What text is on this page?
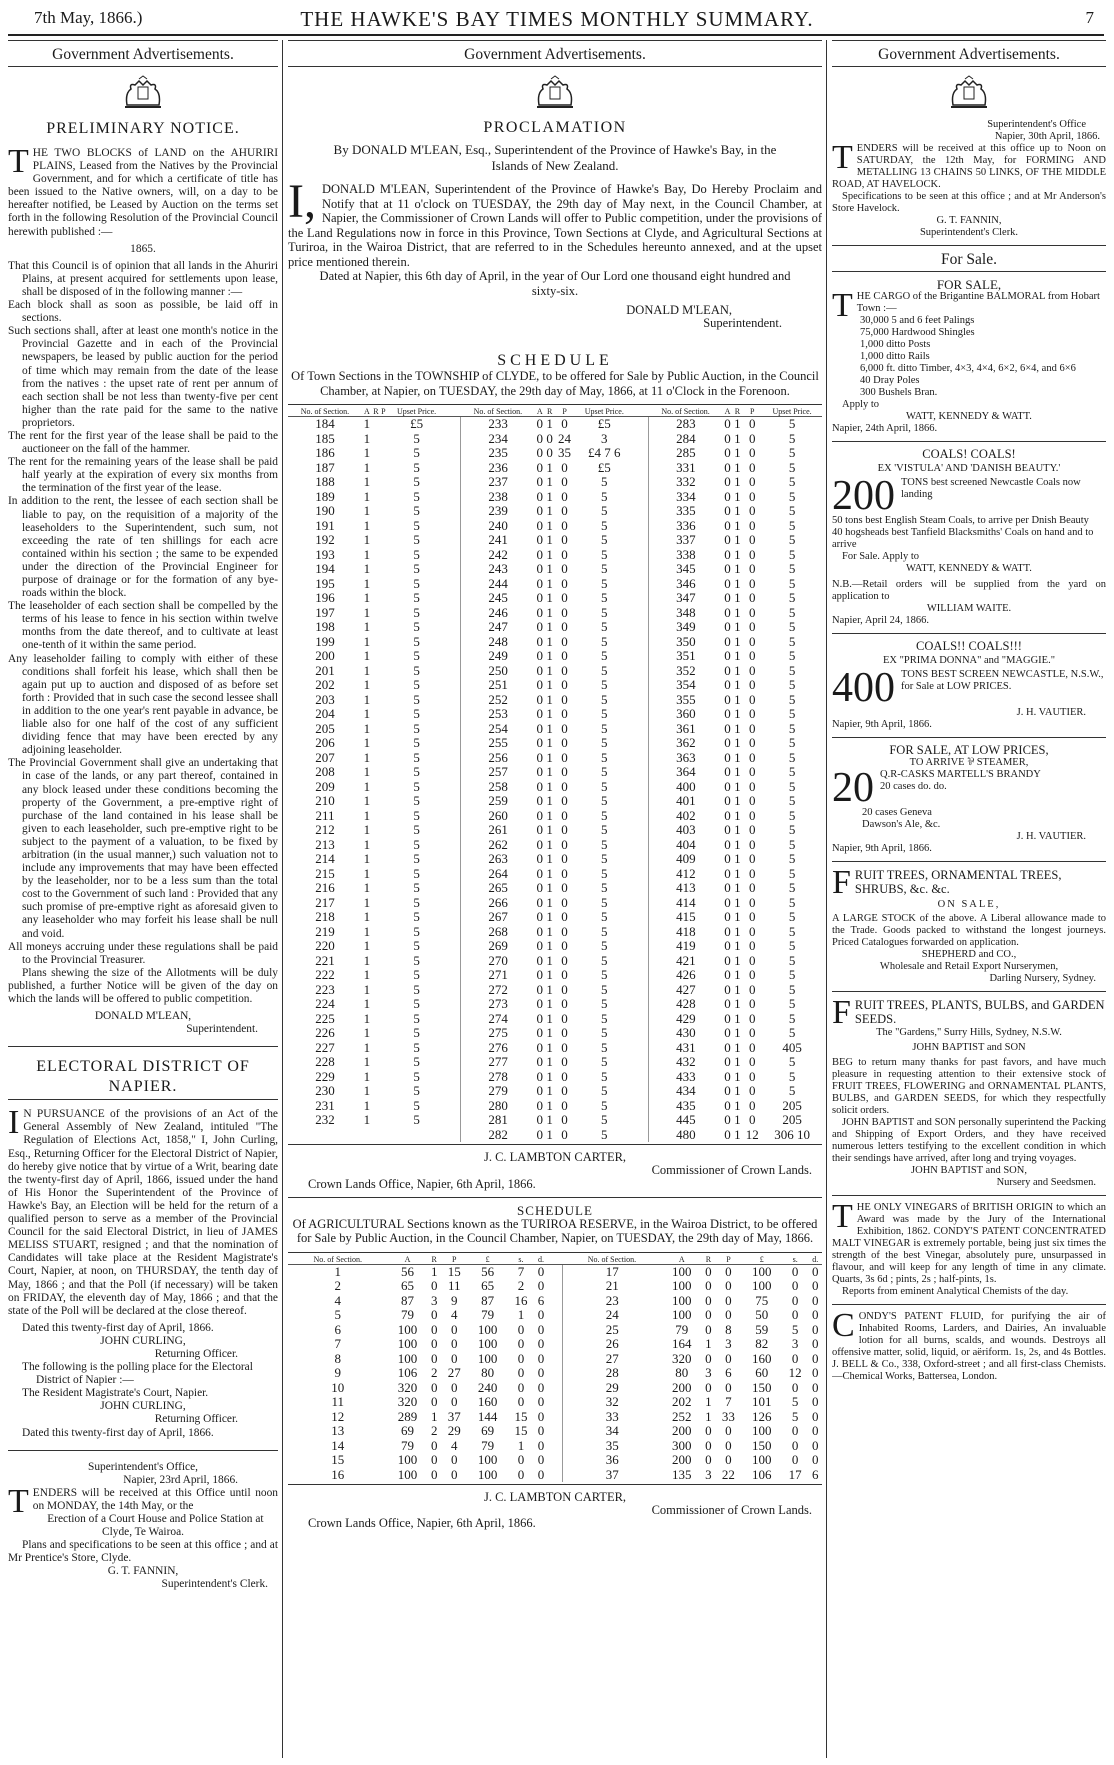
7th May, 1866.)	THE HAWKE'S BAY TIMES MONTHLY SUMMARY.	7
Government Advertisements.

PRELIMINARY NOTICE.

THE TWO BLOCKS of LAND on the AHURIRI PLAINS, Leased from the Natives by the Provincial Government, and for which a certificate of title has been issued to the Native owners, will, on a day to be hereafter notified, be Leased by Auction on the terms set forth in the following Resolution of the Provincial Council herewith published :—

1865.

That this Council is of opinion that all lands in the Ahuriri Plains, at present acquired for settlements upon lease, shall be disposed of in the following manner :—

Each block shall as soon as possible, be laid off in sections.

Such sections shall, after at least one month's notice in the Provincial Gazette and in each of the Provincial newspapers, be leased by public auction for the period of time which may remain from the date of the lease from the natives : the upset rate of rent per annum of each section shall be not less than twenty-five per cent higher than the rate paid for the same to the native proprietors.

The rent for the first year of the lease shall be paid to the auctioneer on the fall of the hammer.

The rent for the remaining years of the lease shall be paid half yearly at the expiration of every six months from the termination of the first year of the lease.

In addition to the rent, the lessee of each section shall be liable to pay, on the requisition of a majority of the leaseholders to the Superintendent, such sum, not exceeding the rate of ten shillings for each acre contained within his section ; the same to be expended under the direction of the Provincial Engineer for purpose of drainage or for the formation of any bye-roads within the block.

The leaseholder of each section shall be compelled by the terms of his lease to fence in his section within twelve months from the date thereof, and to cultivate at least one-tenth of it within the same period.

Any leaseholder failing to comply with either of these conditions shall forfeit his lease, which shall then be again put up to auction and disposed of as before set forth : Provided that in such case the second lessee shall in addition to the one year's rent payable in advance, be liable also for one half of the cost of any sufficient dividing fence that may have been erected by any adjoining leaseholder.

The Provincial Government shall give an undertaking that in case of the lands, or any part thereof, contained in any block leased under these conditions becoming the property of the Government, a pre-emptive right of purchase of the land contained in his lease shall be given to each leaseholder, such pre-emptive right to be subject to the payment of a valuation, to be fixed by arbitration (in the usual manner,) such valuation not to include any improvements that may have been effected by the leaseholder, nor to be a less sum than the total cost to the Government of such land : Provided that any such promise of pre-emptive right as aforesaid given to any leaseholder who may forfeit his lease shall be null and void.

All moneys accruing under these regulations shall be paid to the Provincial Treasurer.

Plans shewing the size of the Allotments will be duly published, a further Notice will be given of the day on which the lands will be offered to public competition.

DONALD M'LEAN,

Superintendent.

ELECTORAL DISTRICT OF NAPIER.

I N PURSUANCE of the provisions of an Act of the General Assembly of New Zealand, intituled "The Regulation of Elections Act, 1858," I, John Curling, Esq., Returning Officer for the Electoral District of Napier, do hereby give notice that by virtue of a Writ, bearing date the twenty-first day of April, 1866, issued under the hand of His Honor the Superintendent of the Province of Hawke's Bay, an Election will be held for the return of a qualified person to serve as a member of the Provincial Council for the said Electoral District, in lieu of JAMES MELISS STUART, resigned ; and that the nomination of Candidates will take place at the Resident Magistrate's Court, Napier, at noon, on THURSDAY, the tenth day of May, 1866 ; and that the Poll (if necessary) will be taken on FRIDAY, the eleventh day of May, 1866 ; and that the state of the Poll will be declared at the close thereof.

Dated this twenty-first day of April, 1866.

JOHN CURLING,

Returning Officer.

The following is the polling place for the Electoral District of Napier :—

The Resident Magistrate's Court, Napier.

JOHN CURLING,

Returning Officer.

Dated this twenty-first day of April, 1866.

Superintendent's Office,

Napier, 23rd April, 1866.

TENDERS will be received at this Office until noon on MONDAY, the 14th May, or the

Erection of a Court House and Police Station at Clyde, Te Wairoa.

Plans and specifications to be seen at this office ; and at Mr Prentice's Store, Clyde.

G. T. FANNIN,

Superintendent's Clerk.

Government Advertisements.

PROCLAMATION

By DONALD M'LEAN, Esq., Superintendent of the Province of Hawke's Bay, in the Islands of New Zealand.

I, DONALD M'LEAN, Superintendent of the Province of Hawke's Bay, Do Hereby Proclaim and Notify that at 11 o'clock on TUESDAY, the 29th day of May next, in the Council Chamber, at Napier, the Commissioner of Crown Lands will offer to Public competition, under the provisions of the Land Regulations now in force in this Province, Town Sections at Clyde, and Agricultural Sections at Turiroa, in the Wairoa District, that are referred to in the Schedules hereunto annexed, and at the upset price mentioned therein.

Dated at Napier, this 6th day of April, in the year of Our Lord one thousand eight hundred and sixty-six.

DONALD M'LEAN,

Superintendent.

SCHEDULE

Of Town Sections in the TOWNSHIP of CLYDE, to be offered for Sale by Public Auction, in the Council Chamber, at Napier, on TUESDAY, the 29th day of May, 1866, at 11 o'Clock in the Forenoon.

No. of Section.	A	R	P	Upset Price.		No. of Section.	A	R	P	Upset Price.		No. of Section.	A	R	P	Upset Price.
184	1			£5		233	0	1	0	£5		283	0	1	0	5
185	1			5		234	0	0	24	3		284	0	1	0	5
186	1			5		235	0	0	35	£4 7 6		285	0	1	0	5
187	1			5		236	0	1	0	£5		331	0	1	0	5
188	1			5		237	0	1	0	5		332	0	1	0	5
189	1			5		238	0	1	0	5		334	0	1	0	5
190	1			5		239	0	1	0	5		335	0	1	0	5
191	1			5		240	0	1	0	5		336	0	1	0	5
192	1			5		241	0	1	0	5		337	0	1	0	5
193	1			5		242	0	1	0	5		338	0	1	0	5
194	1			5		243	0	1	0	5		345	0	1	0	5
195	1			5		244	0	1	0	5		346	0	1	0	5
196	1			5		245	0	1	0	5		347	0	1	0	5
197	1			5		246	0	1	0	5		348	0	1	0	5
198	1			5		247	0	1	0	5		349	0	1	0	5
199	1			5		248	0	1	0	5		350	0	1	0	5
200	1			5		249	0	1	0	5		351	0	1	0	5
201	1			5		250	0	1	0	5		352	0	1	0	5
202	1			5		251	0	1	0	5		354	0	1	0	5
203	1			5		252	0	1	0	5		355	0	1	0	5
204	1			5		253	0	1	0	5		360	0	1	0	5
205	1			5		254	0	1	0	5		361	0	1	0	5
206	1			5		255	0	1	0	5		362	0	1	0	5
207	1			5		256	0	1	0	5		363	0	1	0	5
208	1			5		257	0	1	0	5		364	0	1	0	5
209	1			5		258	0	1	0	5		400	0	1	0	5
210	1			5		259	0	1	0	5		401	0	1	0	5
211	1			5		260	0	1	0	5		402	0	1	0	5
212	1			5		261	0	1	0	5		403	0	1	0	5
213	1			5		262	0	1	0	5		404	0	1	0	5
214	1			5		263	0	1	0	5		409	0	1	0	5
215	1			5		264	0	1	0	5		412	0	1	0	5
216	1			5		265	0	1	0	5		413	0	1	0	5
217	1			5		266	0	1	0	5		414	0	1	0	5
218	1			5		267	0	1	0	5		415	0	1	0	5
219	1			5		268	0	1	0	5		418	0	1	0	5
220	1			5		269	0	1	0	5		419	0	1	0	5
221	1			5		270	0	1	0	5		421	0	1	0	5
222	1			5		271	0	1	0	5		426	0	1	0	5
223	1			5		272	0	1	0	5		427	0	1	0	5
224	1			5		273	0	1	0	5		428	0	1	0	5
225	1			5		274	0	1	0	5		429	0	1	0	5
226	1			5		275	0	1	0	5		430	0	1	0	5
227	1			5		276	0	1	0	5		431	0	1	0	405
228	1			5		277	0	1	0	5		432	0	1	0	5
229	1			5		278	0	1	0	5		433	0	1	0	5
230	1			5		279	0	1	0	5		434	0	1	0	5
231	1			5		280	0	1	0	5		435	0	1	0	205
232	1			5		281	0	1	0	5		445	0	1	0	205
						282	0	1	0	5		480	0	1	12	306 10

J. C. LAMBTON CARTER,

Commissioner of Crown Lands.

Crown Lands Office, Napier, 6th April, 1866.

SCHEDULE

Of AGRICULTURAL Sections known as the TURIROA RESERVE, in the Wairoa District, to be offered for Sale by Public Auction, in the Council Chamber, Napier, on TUESDAY, the 29th day of May, 1866.

No. of Section.	A	R	P	£	s.	d.		No. of Section.	A	R	P	£	s.	d.
1	56	1	15	56	7	0		17	100	0	0	100	0	0
2	65	0	11	65	2	0		21	100	0	0	100	0	0
4	87	3	9	87	16	6		23	100	0	0	75	0	0
5	79	0	4	79	1	0		24	100	0	0	50	0	0
6	100	0	0	100	0	0		25	79	0	8	59	5	0
7	100	0	0	100	0	0		26	164	1	3	82	3	0
8	100	0	0	100	0	0		27	320	0	0	160	0	0
9	106	2	27	80	0	0		28	80	3	6	60	12	0
10	320	0	0	240	0	0		29	200	0	0	150	0	0
11	320	0	0	160	0	0		32	202	1	7	101	5	0
12	289	1	37	144	15	0		33	252	1	33	126	5	0
13	69	2	29	69	15	0		34	200	0	0	100	0	0
14	79	0	4	79	1	0		35	300	0	0	150	0	0
15	100	0	0	100	0	0		36	200	0	0	100	0	0
16	100	0	0	100	0	0		37	135	3	22	106	17	6

J. C. LAMBTON CARTER,

Commissioner of Crown Lands.

Crown Lands Office, Napier, 6th April, 1866.

Government Advertisements.

Superintendent's Office

Napier, 30th April, 1866.

TENDERS will be received at this office up to Noon on SATURDAY, the 12th May, for FORMING AND METALLING 13 CHAINS 50 LINKS, OF THE MIDDLE ROAD, AT HAVELOCK.

Specifications to be seen at this office ; and at Mr Anderson's Store Havelock.

G. T. FANNIN,

Superintendent's Clerk.

For Sale.

FOR SALE,

THE CARGO of the Brigantine BALMORAL from Hobart Town :—

30,000 5 and 6 feet Palings

75,000 Hardwood Shingles

1,000 ditto Posts

1,000 ditto Rails

6,000 ft. ditto Timber, 4×3, 4×4, 6×2, 6×4, and 6×6

40 Dray Poles

300 Bushels Bran.

Apply to

WATT, KENNEDY & WATT.

Napier, 24th April, 1866.

COALS! COALS!

EX 'VISTULA' AND 'DANISH BEAUTY.'

200 TONS best screened Newcastle Coals now landing

50 tons best English Steam Coals, to arrive per Dnish Beauty

40 hogsheads best Tanfield Blacksmiths' Coals on hand and to arrive

For Sale. Apply to

WATT, KENNEDY & WATT.

N.B.—Retail orders will be supplied from the yard on application to

WILLIAM WAITE.

Napier, April 24, 1866.

COALS!! COALS!!!

EX "PRIMA DONNA" and "MAGGIE."

400 TONS BEST SCREEN NEWCASTLE, N.S.W., for Sale at LOW PRICES.

J. H. VAUTIER.

Napier, 9th April, 1866.

FOR SALE, AT LOW PRICES,

TO ARRIVE ⅌ STEAMER,

20 Q.R-CASKS MARTELL'S BRANDY

20 cases do. do.

20 cases Geneva

Dawson's Ale, &c.

J. H. VAUTIER.

Napier, 9th April, 1866.

FRUIT TREES, ORNAMENTAL TREES, SHRUBS, &c. &c.

ON SALE,

A LARGE STOCK of the above. A Liberal allowance made to the Trade. Goods packed to withstand the longest journeys. Priced Catalogues forwarded on application.

SHEPHERD and CO.,

Wholesale and Retail Export Nurserymen,

Darling Nursery, Sydney.

FRUIT TREES, PLANTS, BULBS, and GARDEN SEEDS.

The "Gardens," Surry Hills, Sydney, N.S.W.

JOHN BAPTIST and SON

BEG to return many thanks for past favors, and have much pleasure in requesting attention to their extensive stock of FRUIT TREES, FLOWERING and ORNAMENTAL PLANTS, BULBS, and GARDEN SEEDS, for which they respectfully solicit orders.

JOHN BAPTIST and SON personally superintend the Packing and Shipping of Export Orders, and they have received numerous letters testifying to the excellent condition in which their sendings have arrived, after long and trying voyages.

JOHN BAPTIST and SON,

Nursery and Seedsmen.

THE ONLY VINEGARS of BRITISH ORIGIN to which an Award was made by the Jury of the International Exhibition, 1862. CONDY'S PATENT CONCENTRATED MALT VINEGAR is extremely portable, being just six times the strength of the best Vinegar, absolutely pure, unsurpassed in flavour, and will keep for any length of time in any climate. Quarts, 3s 6d ; pints, 2s ; half-pints, 1s.

Reports from eminent Analytical Chemists of the day.

CONDY'S PATENT FLUID, for purifying the air of Inhabited Rooms, Larders, and Dairies, An invaluable lotion for all burns, scalds, and wounds. Destroys all offensive matter, solid, liquid, or aëriform. 1s, 2s, and 4s Bottles. J. BELL & Co., 338, Oxford-street ; and all first-class Chemists.—Chemical Works, Battersea, London.
